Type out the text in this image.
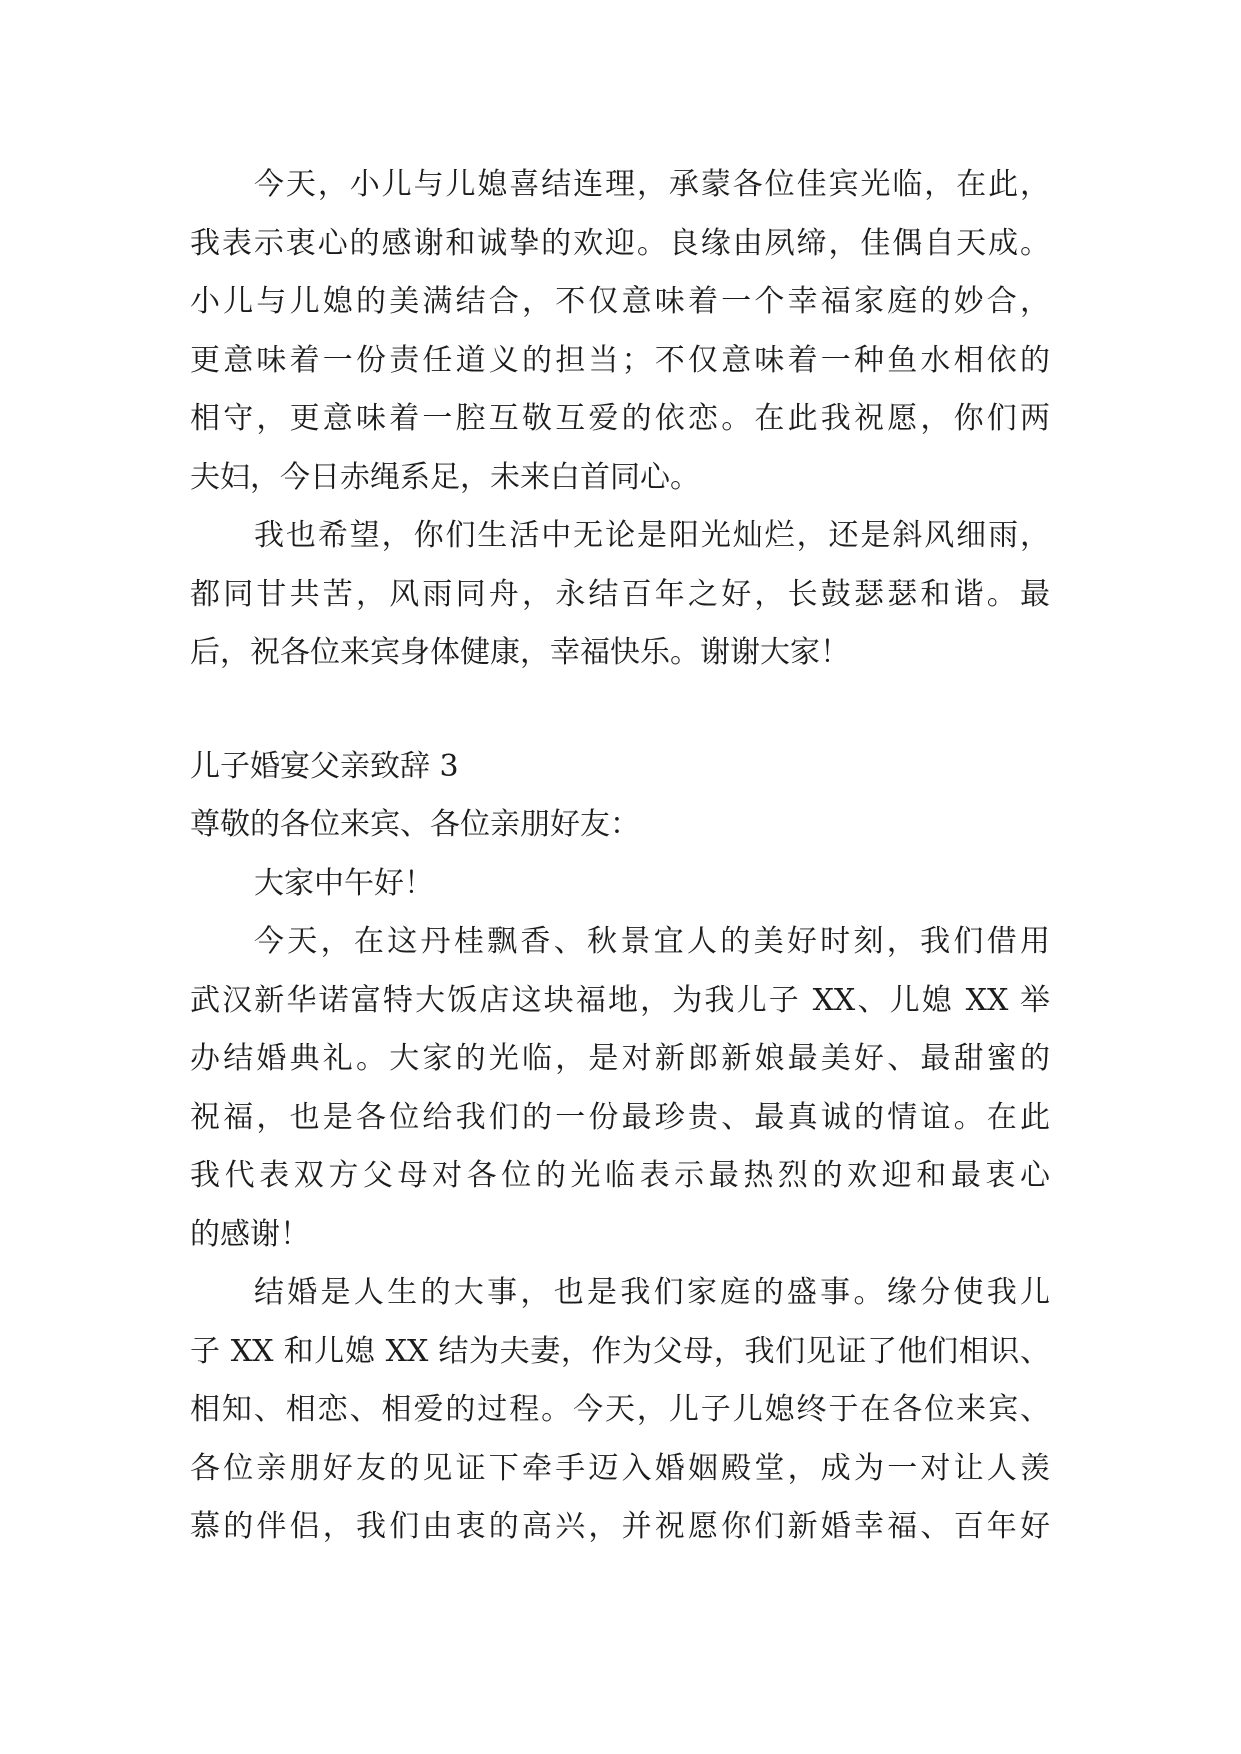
今天，小儿与儿媳喜结连理，承蒙各位佳宾光临，在此，
我表示衷心的感谢和诚挚的欢迎。良缘由夙缔，佳偶自天成。
小儿与儿媳的美满结合，不仅意味着一个幸福家庭的妙合，
更意味着一份责任道义的担当；不仅意味着一种鱼水相依的
相守，更意味着一腔互敬互爱的依恋。在此我祝愿，你们两
夫妇，今日赤绳系足，未来白首同心。
我也希望，你们生活中无论是阳光灿烂，还是斜风细雨，
都同甘共苦，风雨同舟，永结百年之好，长鼓瑟瑟和谐。最
后，祝各位来宾身体健康，幸福快乐。谢谢大家！
儿子婚宴父亲致辞 3
尊敬的各位来宾、各位亲朋好友：
大家中午好！
今天，在这丹桂飘香、秋景宜人的美好时刻，我们借用
武汉新华诺富特大饭店这块福地，为我儿子 XX、儿媳 XX 举
办结婚典礼。大家的光临，是对新郎新娘最美好、最甜蜜的
祝福，也是各位给我们的一份最珍贵、最真诚的情谊。在此
我代表双方父母对各位的光临表示最热烈的欢迎和最衷心
的感谢！
结婚是人生的大事，也是我们家庭的盛事。缘分使我儿
子 XX 和儿媳 XX 结为夫妻，作为父母，我们见证了他们相识、
相知、相恋、相爱的过程。今天，儿子儿媳终于在各位来宾、
各位亲朋好友的见证下牵手迈入婚姻殿堂，成为一对让人羡
慕的伴侣，我们由衷的高兴，并祝愿你们新婚幸福、百年好
